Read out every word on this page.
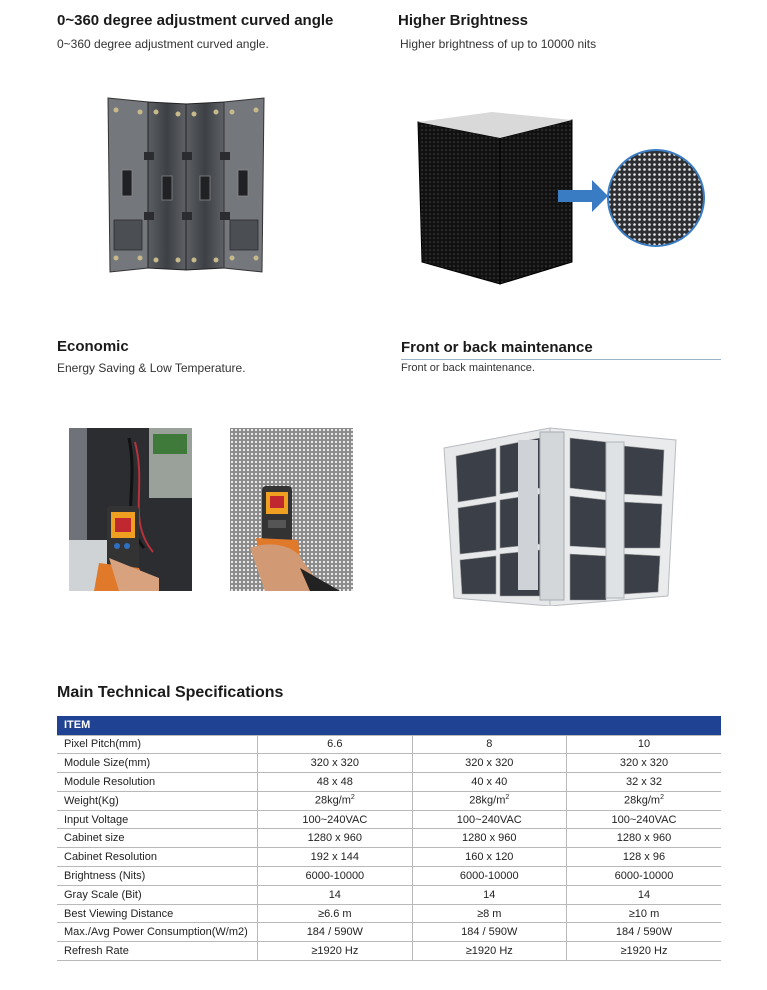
0~360 degree adjustment curved angle
0~360 degree adjustment curved angle.
Higher Brightness
Higher brightness of up to 10000 nits
Economic
Energy Saving & Low Temperature.
Front or back maintenance
Front or back maintenance.
Main Technical Specifications
ITEM			
Pixel Pitch(mm)	6.6	8	10
Module Size(mm)	320 x 320	320 x 320	320 x 320
Module Resolution	48 x 48	40 x 40	32 x 32
Weight(Kg)	$28kg/m^2$	$28kg/m^2$	$28kg/m^2$
Input Voltage	100~240VAC	100~240VAC	100~240VAC
Cabinet size	1280 x 960	1280 x 960	1280 x 960
Cabinet Resolution	192 x 144	160 x 120	128 x 96
Brightness (Nits)	6000-10000	6000-10000	6000-10000
Gray Scale (Bit)	14	14	14
Best Viewing Distance	≥6.6 m	≥8 m	≥10 m
Max./Avg Power Consumption(W/m2)	184 / 590W	184 / 590W	184 / 590W
Refresh Rate	≥1920 Hz	≥1920 Hz	≥1920 Hz
